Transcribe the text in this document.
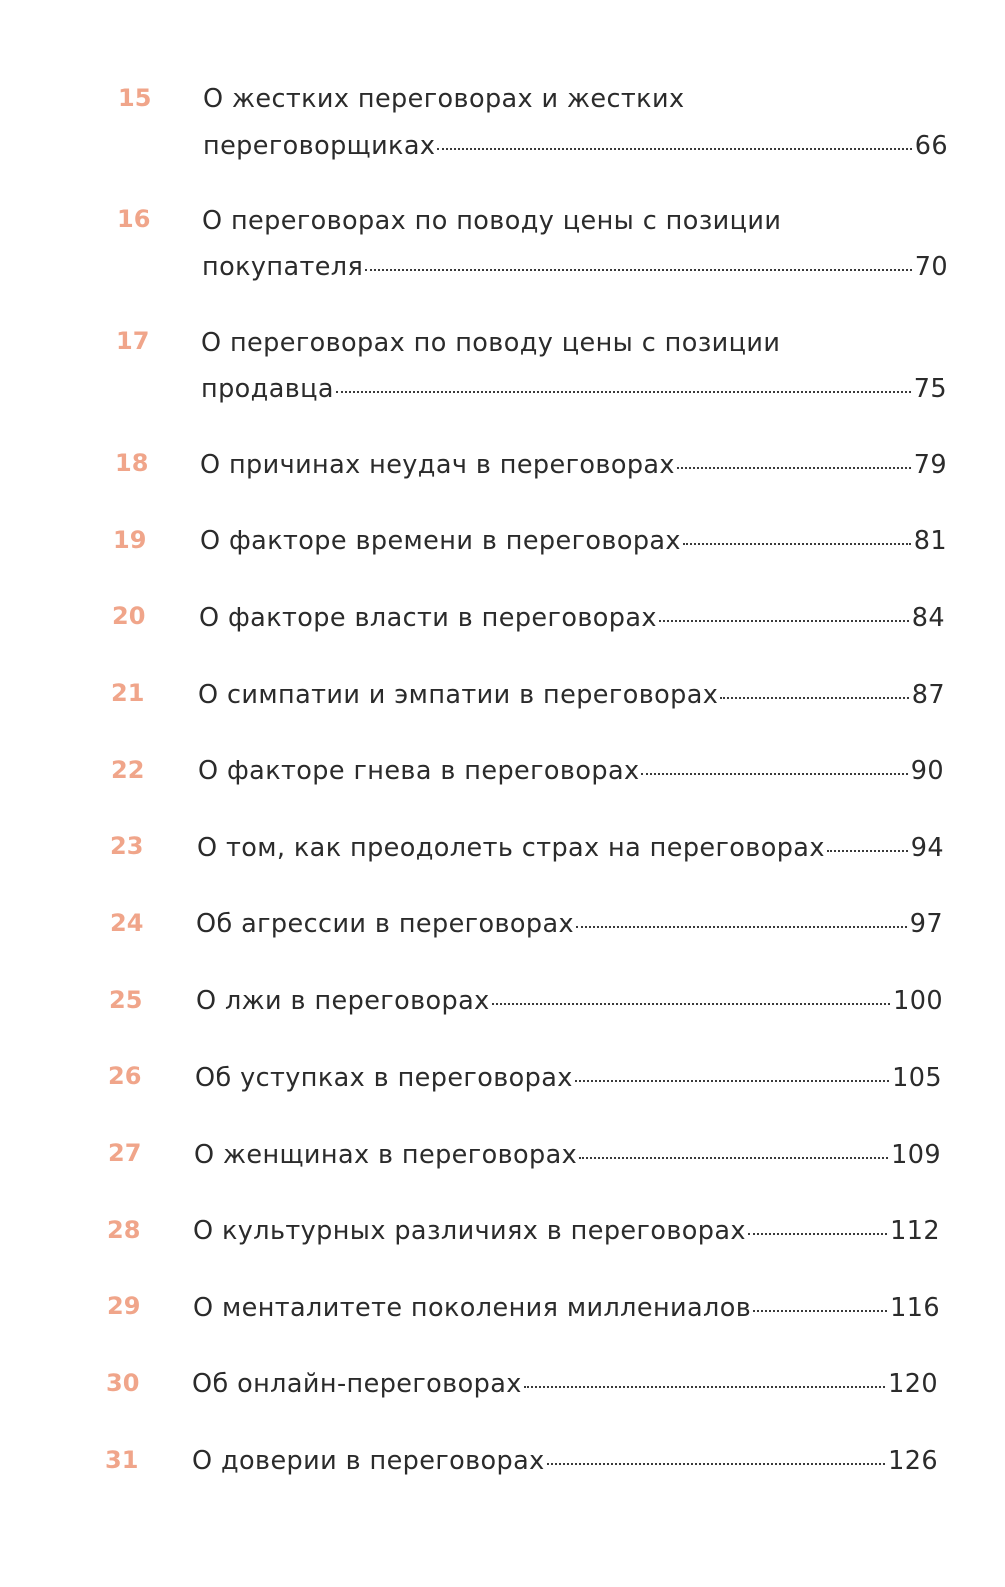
15 О жестких переговорах и жестких
переговорщиках	66
16 О переговорах по поводу цены с позиции
покупателя	70
17 О переговорах по поводу цены с позиции
продавца	75
18 О причинах неудач в переговорах	79
19 О факторе времени в переговорах	81
20 О факторе власти в переговорах	84
21 О симпатии и эмпатии в переговорах	87
22 О факторе гнева в переговорах	90
23 О том, как преодолеть страх на переговорах	94
24 Об агрессии в переговорах	97
25 О лжи в переговорах	100
26 Об уступках в переговорах	105
27 О женщинах в переговорах	109
28 О культурных различиях в переговорах	112
29 О менталитете поколения миллениалов	116
30 Об онлайн-переговорах	120
31 О доверии в переговорах	126
